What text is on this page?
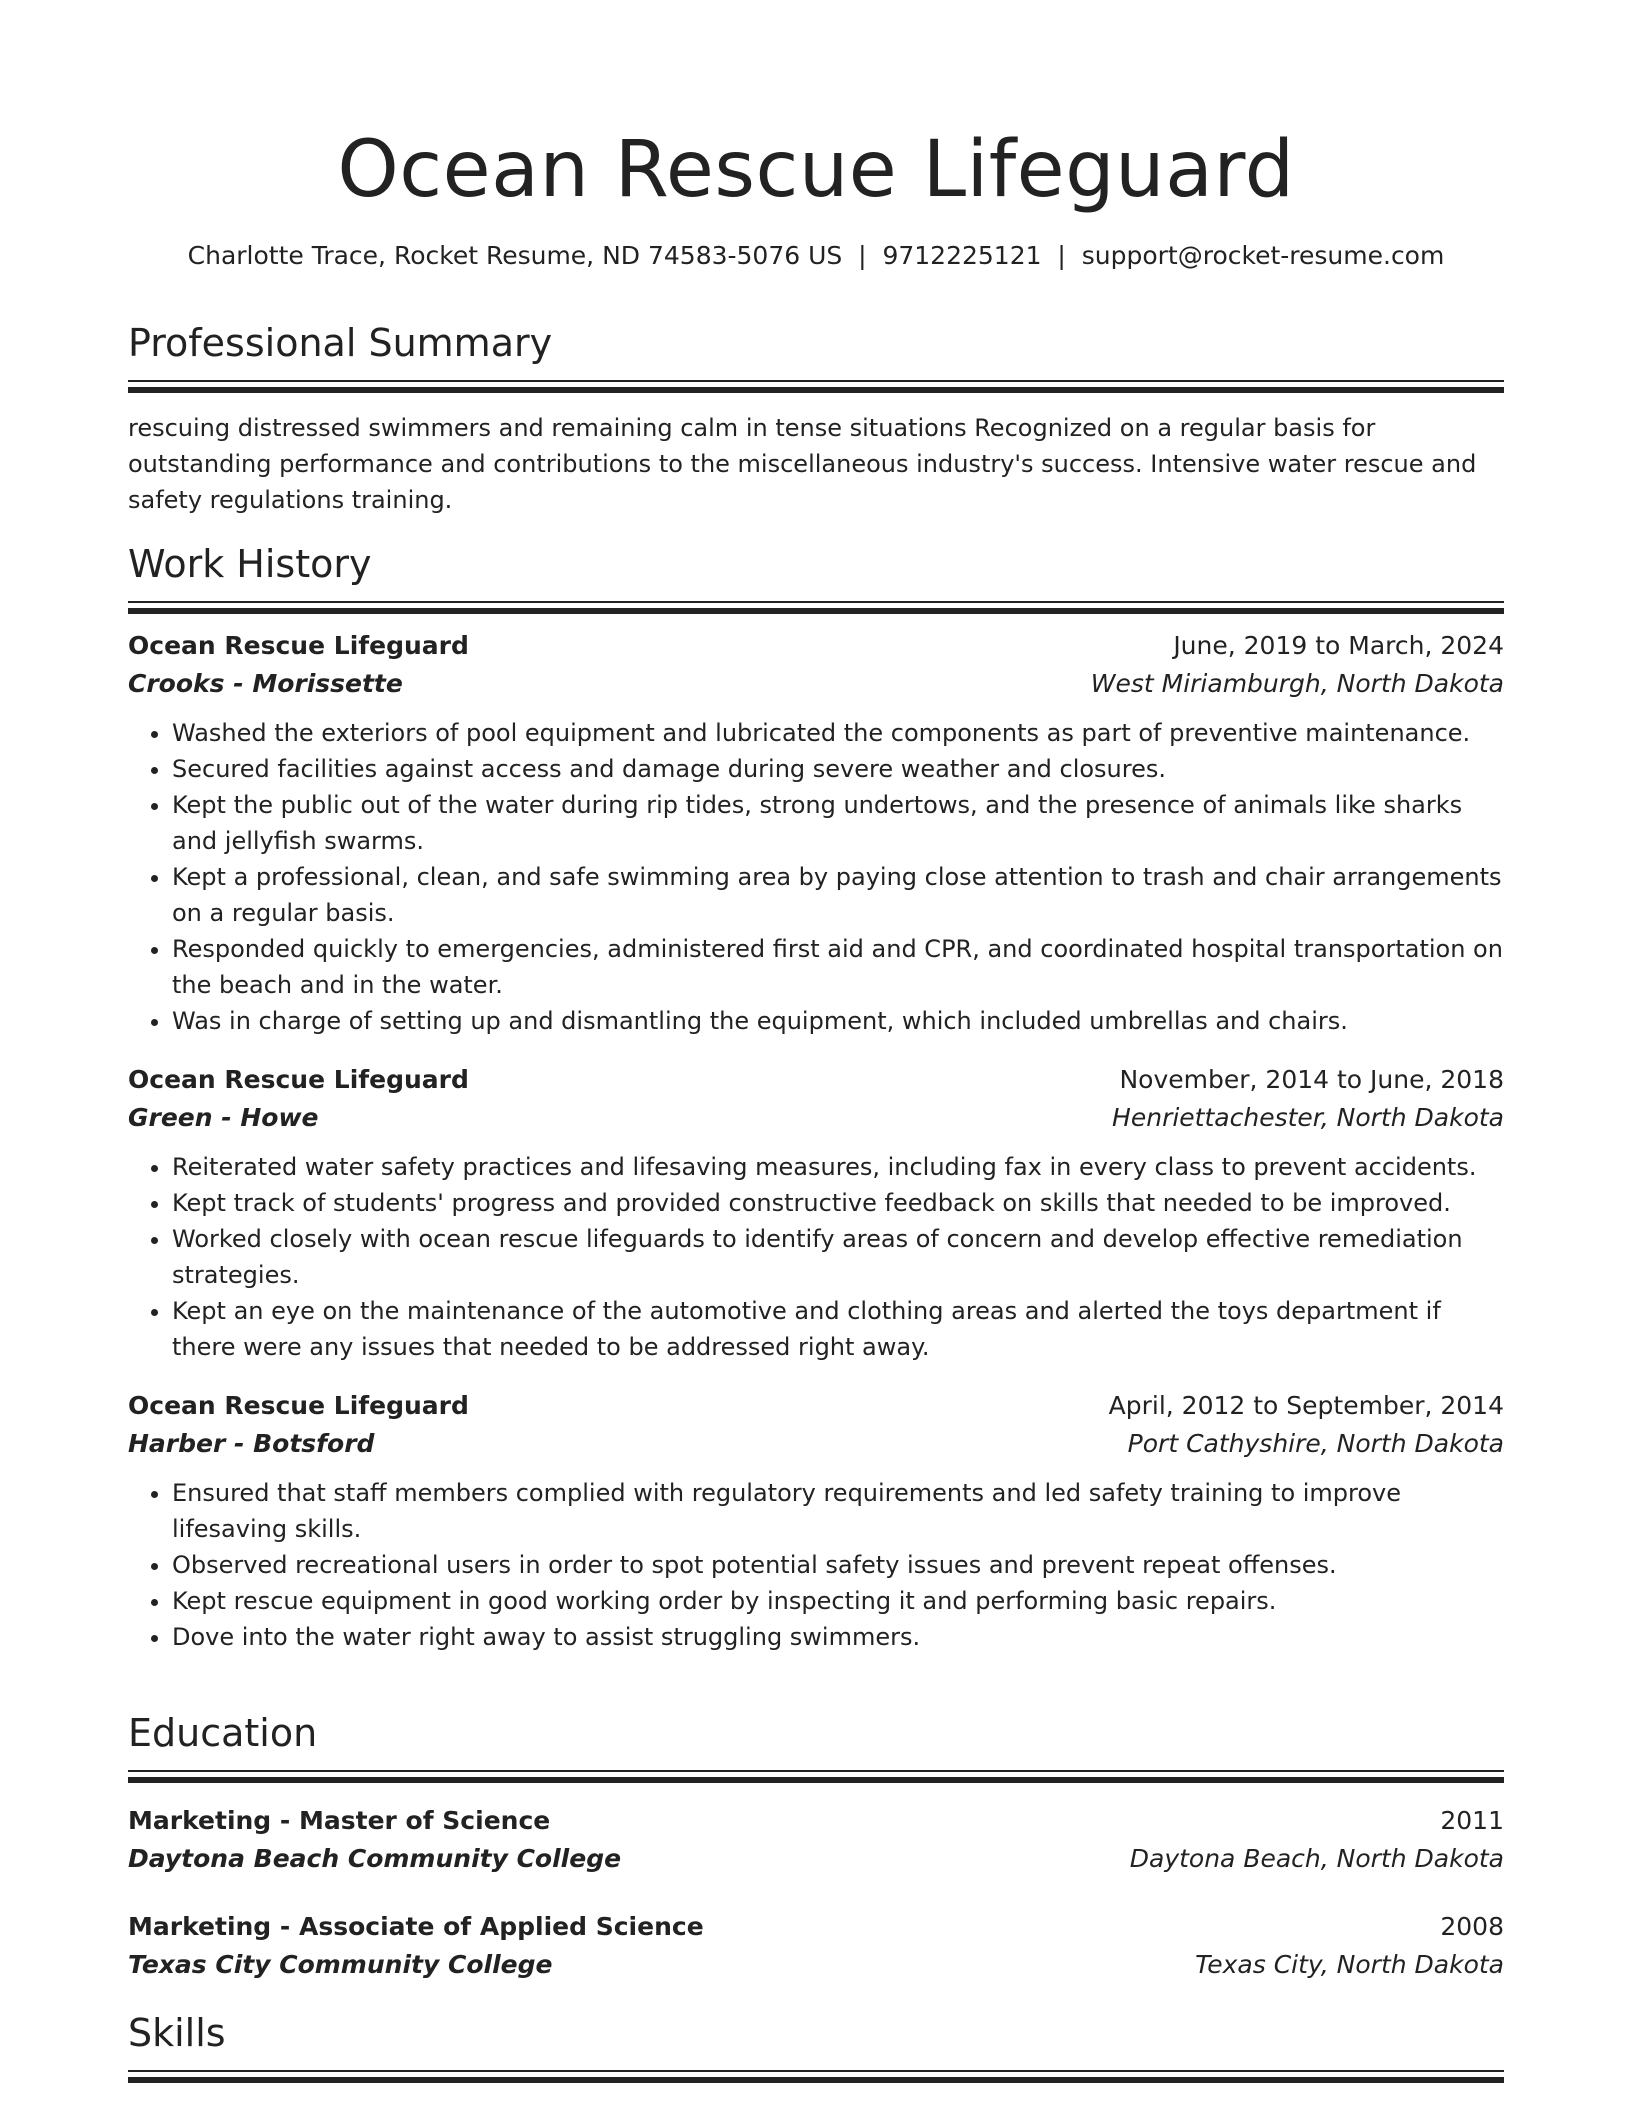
Ocean Rescue Lifeguard
Charlotte Trace, Rocket Resume, ND 74583-5076 US  |  9712225121  |  support@rocket-resume.com
Professional Summary
rescuing distressed swimmers and remaining calm in tense situations Recognized on a regular basis for outstanding performance and contributions to the miscellaneous industry's success. Intensive water rescue and safety regulations training.
Work History
Ocean Rescue Lifeguard	June, 2019 to March, 2024
Crooks - Morissette	West Miriamburgh, North Dakota
• Washed the exteriors of pool equipment and lubricated the components as part of preventive maintenance.
• Secured facilities against access and damage during severe weather and closures.
• Kept the public out of the water during rip tides, strong undertows, and the presence of animals like sharks and jellyfish swarms.
• Kept a professional, clean, and safe swimming area by paying close attention to trash and chair arrangements on a regular basis.
• Responded quickly to emergencies, administered first aid and CPR, and coordinated hospital transportation on the beach and in the water.
• Was in charge of setting up and dismantling the equipment, which included umbrellas and chairs.
Ocean Rescue Lifeguard	November, 2014 to June, 2018
Green - Howe	Henriettachester, North Dakota
• Reiterated water safety practices and lifesaving measures, including fax in every class to prevent accidents.
• Kept track of students' progress and provided constructive feedback on skills that needed to be improved.
• Worked closely with ocean rescue lifeguards to identify areas of concern and develop effective remediation strategies.
• Kept an eye on the maintenance of the automotive and clothing areas and alerted the toys department if there were any issues that needed to be addressed right away.
Ocean Rescue Lifeguard	April, 2012 to September, 2014
Harber - Botsford	Port Cathyshire, North Dakota
• Ensured that staff members complied with regulatory requirements and led safety training to improve lifesaving skills.
• Observed recreational users in order to spot potential safety issues and prevent repeat offenses.
• Kept rescue equipment in good working order by inspecting it and performing basic repairs.
• Dove into the water right away to assist struggling swimmers.
Education
Marketing - Master of Science	2011
Daytona Beach Community College	Daytona Beach, North Dakota
Marketing - Associate of Applied Science	2008
Texas City Community College	Texas City, North Dakota
Skills
